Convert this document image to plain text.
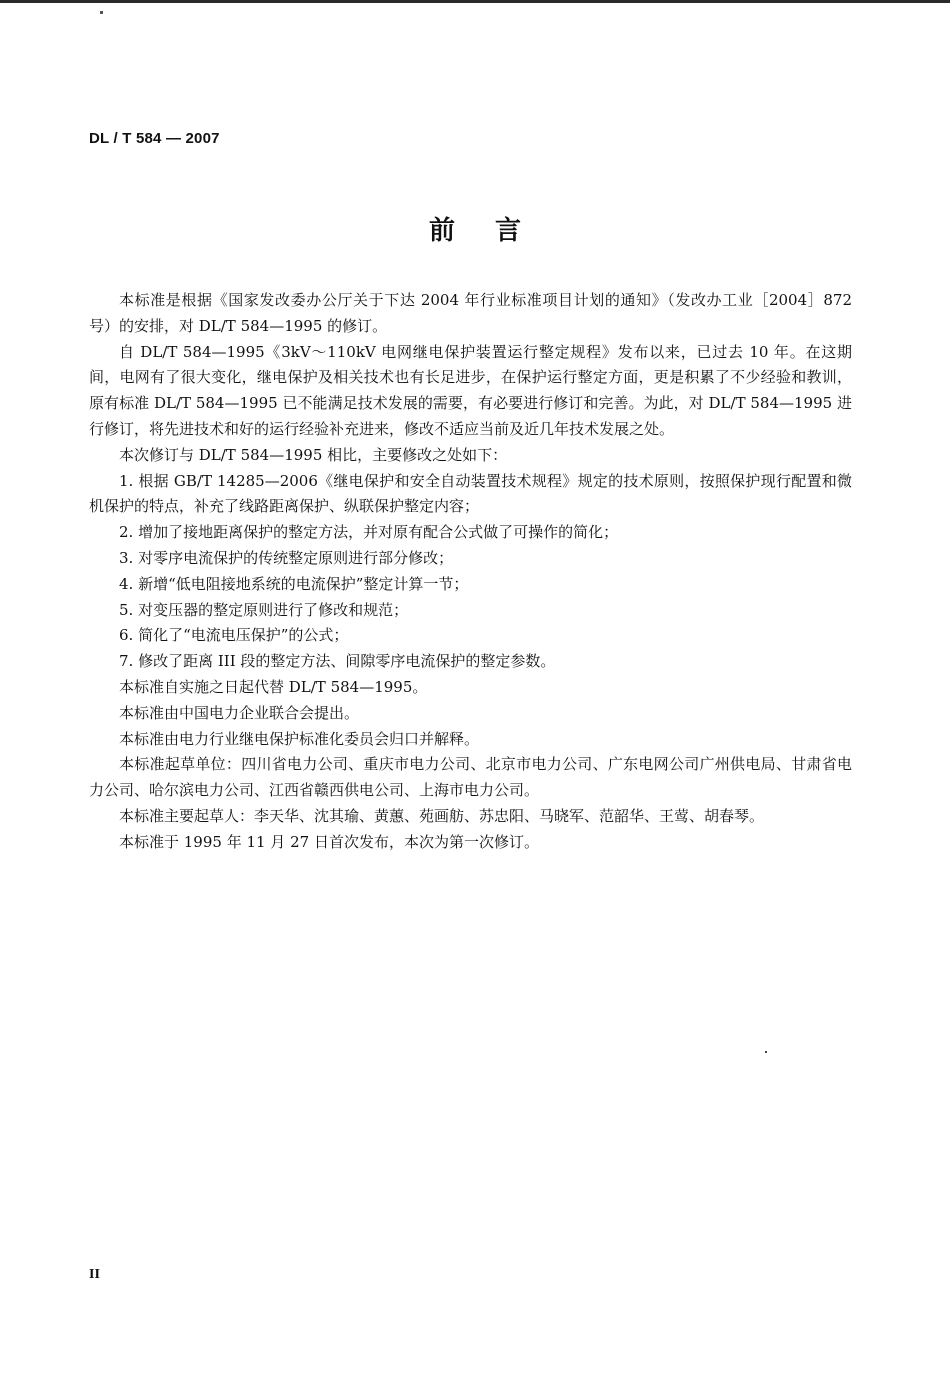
DL / T 584 — 2007
前言

本标准是根据《国家发改委办公厅关于下达 2004 年行业标准项目计划的通知》（发改办工业［2004］872 号）的安排，对 DL/T 584—1995 的修订。

自 DL/T 584—1995《3kV～110kV 电网继电保护装置运行整定规程》发布以来，已过去 10 年。在这期间，电网有了很大变化，继电保护及相关技术也有长足进步，在保护运行整定方面，更是积累了不少经验和教训，原有标准 DL/T 584—1995 已不能满足技术发展的需要，有必要进行修订和完善。为此，对 DL/T 584—1995 进行修订，将先进技术和好的运行经验补充进来，修改不适应当前及近几年技术发展之处。

本次修订与 DL/T 584—1995 相比，主要修改之处如下：

1. 根据 GB/T 14285—2006《继电保护和安全自动装置技术规程》规定的技术原则，按照保护现行配置和微机保护的特点，补充了线路距离保护、纵联保护整定内容；

2. 增加了接地距离保护的整定方法，并对原有配合公式做了可操作的简化；

3. 对零序电流保护的传统整定原则进行部分修改；

4. 新增“低电阻接地系统的电流保护”整定计算一节；

5. 对变压器的整定原则进行了修改和规范；

6. 简化了“电流电压保护”的公式；

7. 修改了距离 III 段的整定方法、间隙零序电流保护的整定参数。

本标准自实施之日起代替 DL/T 584—1995。

本标准由中国电力企业联合会提出。

本标准由电力行业继电保护标准化委员会归口并解释。

本标准起草单位：四川省电力公司、重庆市电力公司、北京市电力公司、广东电网公司广州供电局、甘肃省电力公司、哈尔滨电力公司、江西省赣西供电公司、上海市电力公司。

本标准主要起草人：李天华、沈其瑜、黄蕙、苑画舫、苏忠阳、马晓军、范韶华、王莺、胡春琴。

本标准于 1995 年 11 月 27 日首次发布，本次为第一次修订。

II
